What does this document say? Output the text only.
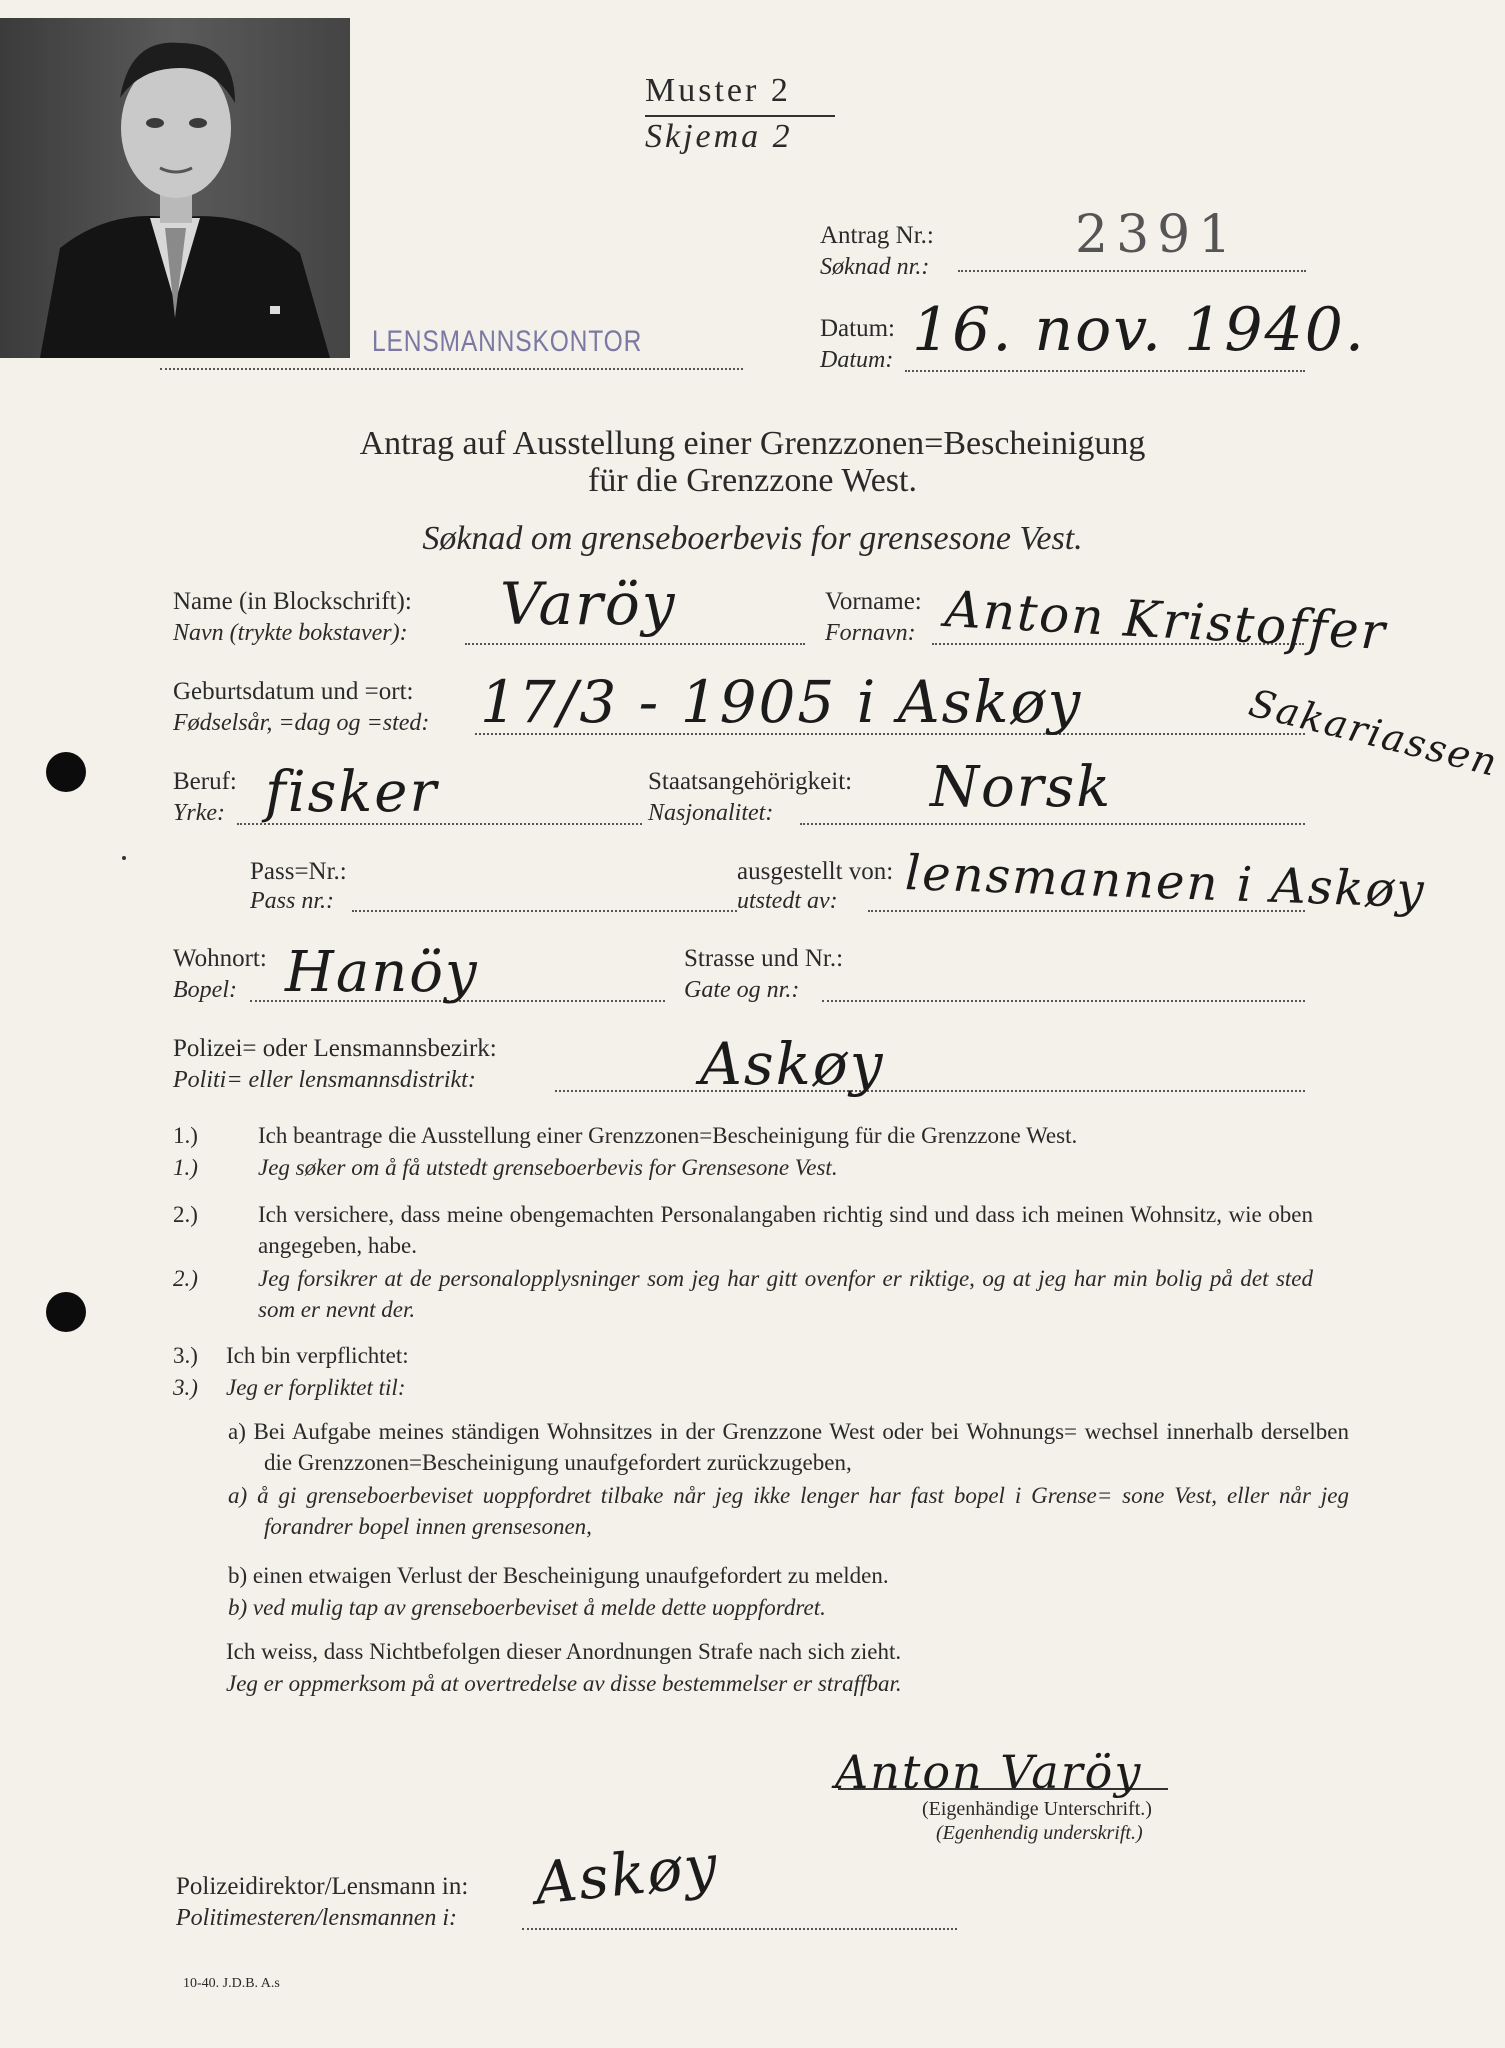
Muster 2
Skjema 2
Antrag Nr.:
Søknad nr.:
2391
LENSMANNSKONTOR	Datum:
Datum: 16. nov. 1940.
Antrag auf Ausstellung einer Grenzzonen=Bescheinigung
für die Grenzzone West.
Søknad om grenseboerbevis for grensesone Vest.
Name (in Blockschrift):
Navn (trykte bokstaver): Varöy	Vorname:
Fornavn: Anton Kristoffer
Sakariassen
Geburtsdatum und =ort:
Fødselsår, =dag og =sted: 17/3 - 1905 i Askøy
Beruf:
Yrke: fisker	Staatsangehörigkeit:
Nasjonalitet:	Norsk
Pass=Nr.:
Pass nr.:
ausgestellt von:
utstedt av: lensmannen i Askøy
Wohnort:
Bopel: Hanöy	Strasse und Nr.:
Gate og nr.:
Polizei= oder Lensmannsbezirk:
Politi= eller lensmannsdistrikt:	Askøy
1.)	Ich beantrage die Ausstellung einer Grenzzonen=Bescheinigung für die Grenzzone West.
1.)	Jeg søker om å få utstedt grenseboerbevis for Grensesone Vest.
2.)	Ich versichere, dass meine obengemachten Personalangaben richtig sind und dass ich meinen Wohnsitz, wie oben angegeben, habe.
2.)	Jeg forsikrer at de personalopplysninger som jeg har gitt ovenfor er riktige, og at jeg har min bolig på det sted som er nevnt der.
3.) Ich bin verpflichtet:
3.) Jeg er forpliktet til:
a) Bei Aufgabe meines ständigen Wohnsitzes in der Grenzzone West oder bei Wohnungs= wechsel innerhalb derselben die Grenzzonen=Bescheinigung unaufgefordert zurückzugeben,
a) å gi grenseboerbeviset uoppfordret tilbake når jeg ikke lenger har fast bopel i Grense= sone Vest, eller når jeg forandrer bopel innen grensesonen,
b) einen etwaigen Verlust der Bescheinigung unaufgefordert zu melden.
b) ved mulig tap av grenseboerbeviset å melde dette uoppfordret.
Ich weiss, dass Nichtbefolgen dieser Anordnungen Strafe nach sich zieht.
Jeg er oppmerksom på at overtredelse av disse bestemmelser er straffbar.
Anton Varöy
(Eigenhändige Unterschrift.)
(Egenhendig underskrift.)
Polizeidirektor/Lensmann in:
Politimesteren/lensmannen i:
Askøy
10-40. J.D.B. A.s
